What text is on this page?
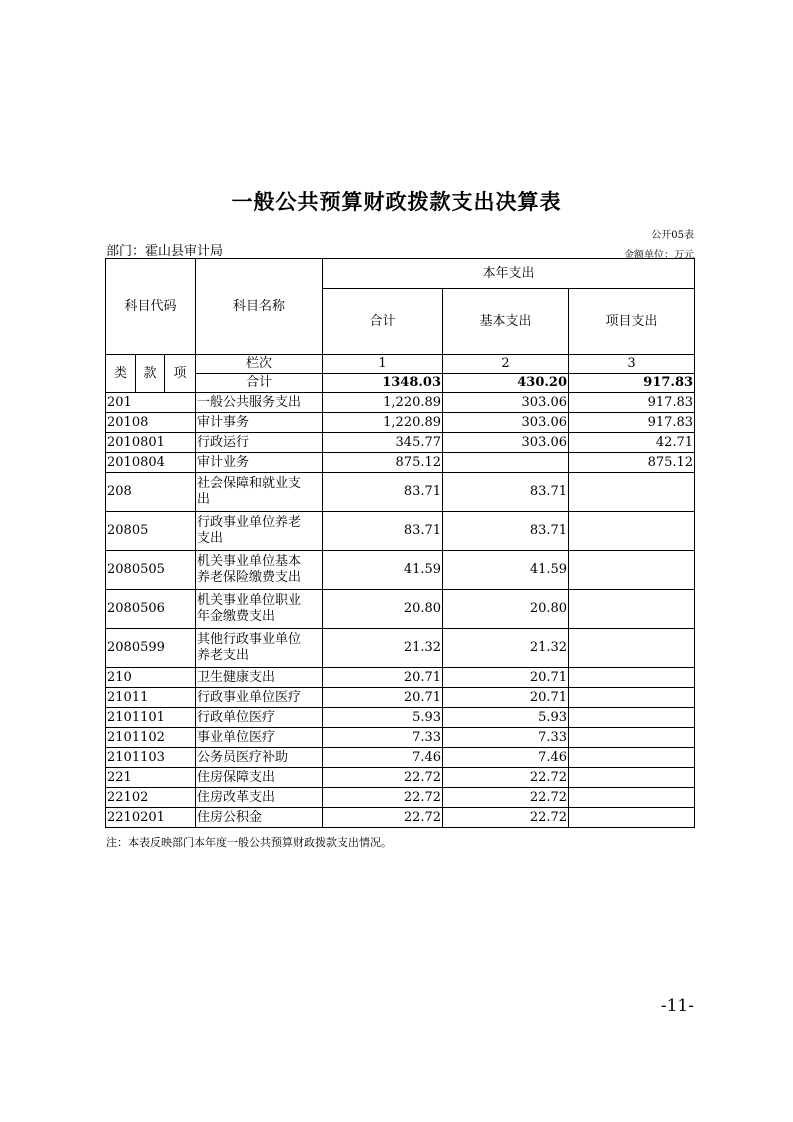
一般公共预算财政拨款支出决算表
公开05表
部门：霍山县审计局	金额单位：万元
科目代码			科目名称	本年支出		
				合计	基本支出	项目支出
类	款	项	栏次	1	2	3
			合计	1348.03	430.20	917.83
201			一般公共服务支出	1,220.89	303.06	917.83
20108			审计事务	1,220.89	303.06	917.83
2010801			行政运行	345.77	303.06	42.71
2010804			审计业务	875.12		875.12
208			社会保障和就业支
出	83.71	83.71	
20805			行政事业单位养老
支出	83.71	83.71	
2080505			机关事业单位基本
养老保险缴费支出	41.59	41.59	
2080506			机关事业单位职业
年金缴费支出	20.80	20.80	
2080599			其他行政事业单位
养老支出	21.32	21.32	
210			卫生健康支出	20.71	20.71	
21011			行政事业单位医疗	20.71	20.71	
2101101			行政单位医疗	5.93	5.93	
2101102			事业单位医疗	7.33	7.33	
2101103			公务员医疗补助	7.46	7.46	
221			住房保障支出	22.72	22.72	
22102			住房改革支出	22.72	22.72	
2210201			住房公积金	22.72	22.72	
注：本表反映部门本年度一般公共预算财政拨款支出情况。
-11-
